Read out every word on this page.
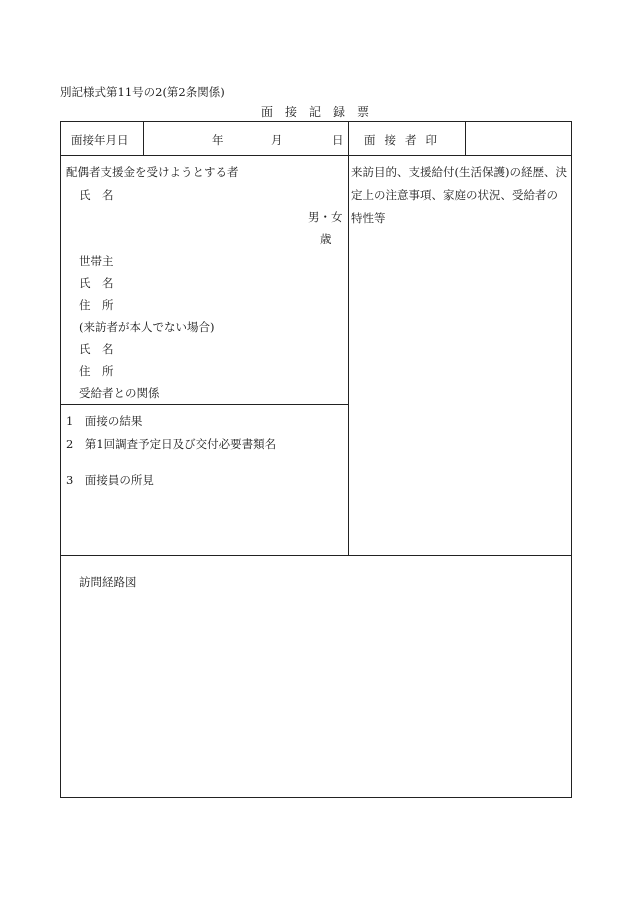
別記様式第11号の2(第2条関係)
面接記録票
面接年月日	年	月	日 面接者印
配偶者支援金を受けようとする者
氏　名
男・女
歳
世帯主
氏　名
住　所
(来訪者が本人でない場合)
氏　名
住　所
受給者との関係
来訪目的、支援給付(生活保護)の経歴、決定上の注意事項、家庭の状況、受給者の特性等
1　面接の結果
2　第1回調査予定日及び交付必要書類名
3　面接員の所見
訪問経路図
